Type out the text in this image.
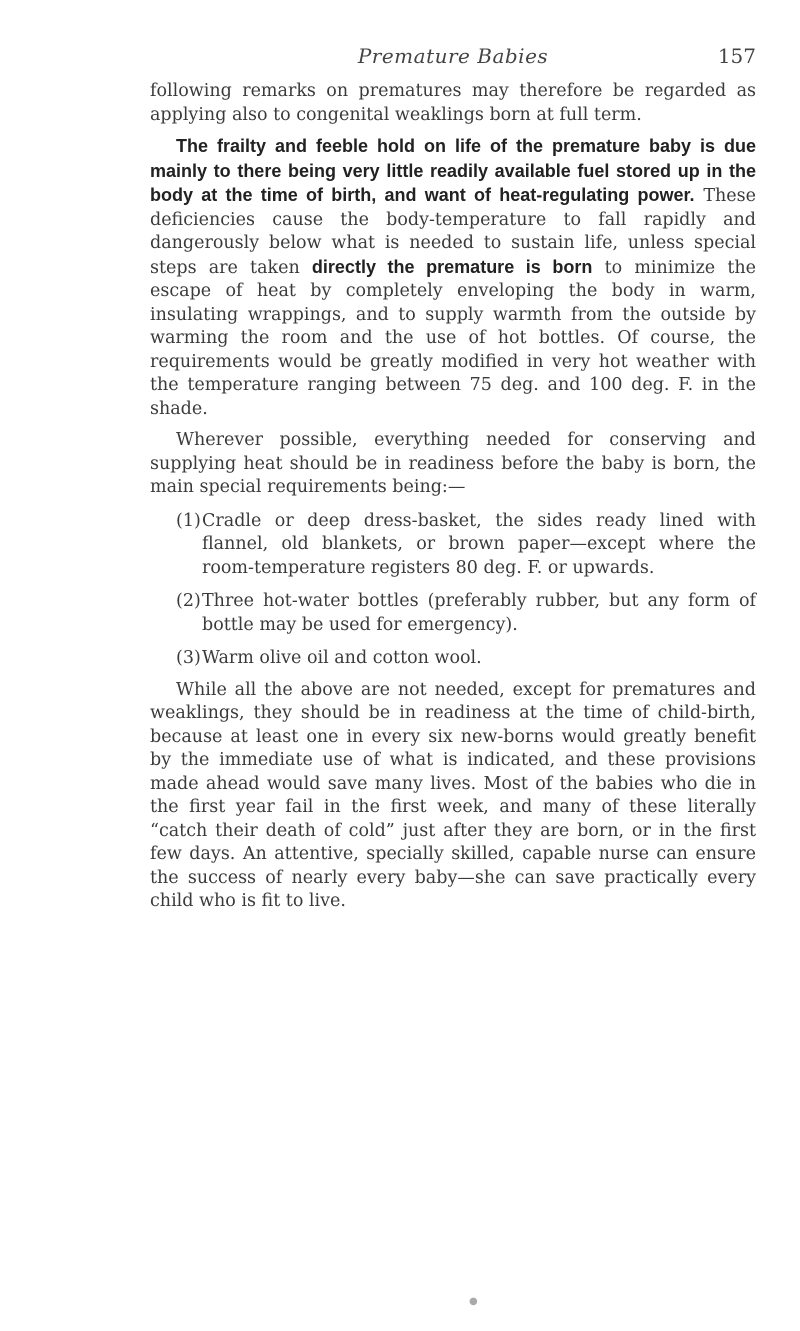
Premature Babies	157

following remarks on prematures may therefore be regarded as applying also to congenital weaklings born at full term.

The frailty and feeble hold on life of the premature baby is due mainly to there being very little readily available fuel stored up in the body at the time of birth, and want of heat-regulating power. These deficiencies cause the body-temperature to fall rapidly and dangerously below what is needed to sustain life, unless special steps are taken directly the premature is born to minimize the escape of heat by completely enveloping the body in warm, insulating wrappings, and to supply warmth from the outside by warming the room and the use of hot bottles. Of course, the requirements would be greatly modified in very hot weather with the temperature ranging between 75 deg. and 100 deg. F. in the shade.

Wherever possible, everything needed for conserving and supplying heat should be in readiness before the baby is born, the main special requirements being:—

(1)Cradle or deep dress-basket, the sides ready lined with flannel, old blankets, or brown paper—except where the room-temperature registers 80 deg. F. or upwards.

(2)Three hot-water bottles (preferably rubber, but any form of bottle may be used for emergency).

(3)Warm olive oil and cotton wool.

While all the above are not needed, except for prematures and weaklings, they should be in readiness at the time of child-birth, because at least one in every six new-borns would greatly benefit by the immediate use of what is indicated, and these provisions made ahead would save many lives. Most of the babies who die in the first year fail in the first week, and many of these literally “catch their death of cold” just after they are born, or in the first few days. An attentive, specially skilled, capable nurse can ensure the success of nearly every baby—she can save practically every child who is fit to live.

●
